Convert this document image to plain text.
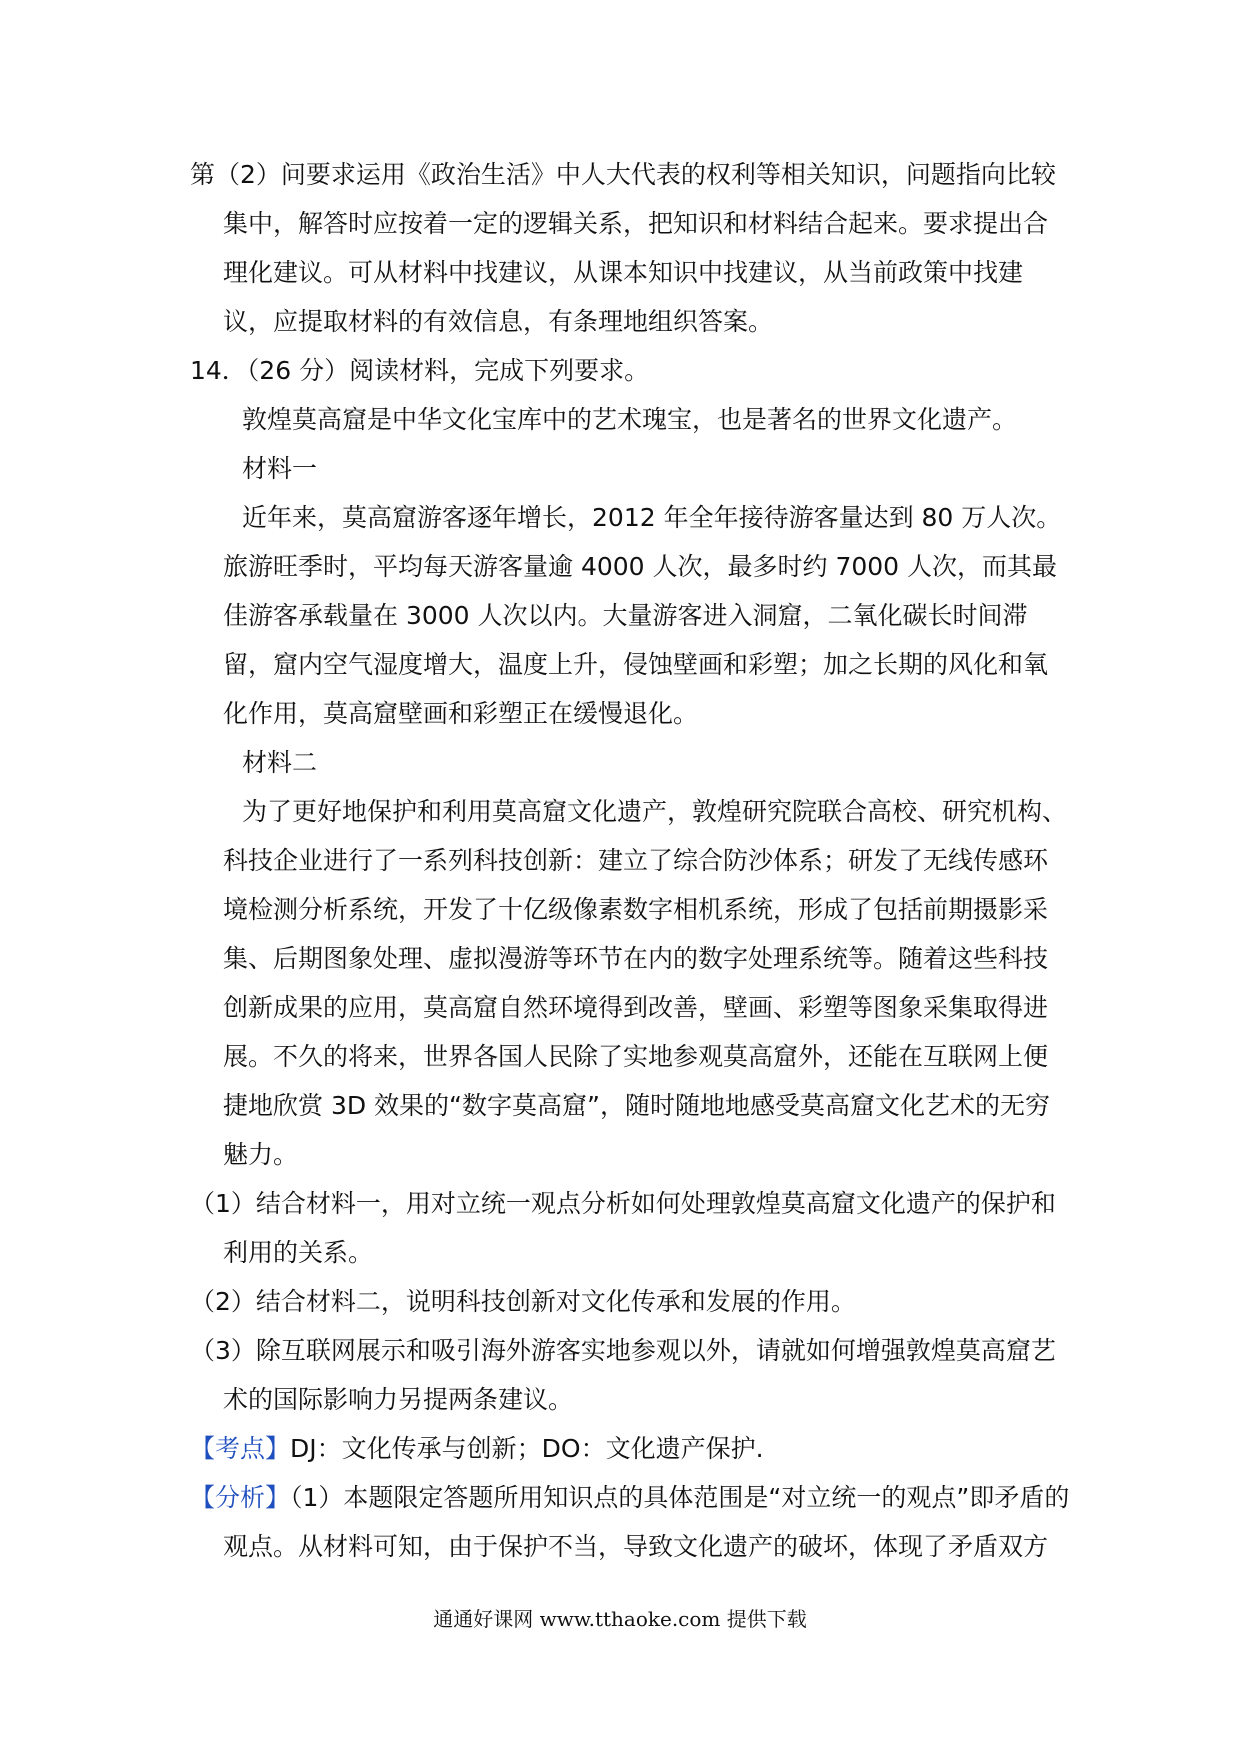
第（2）问要求运用《政治生活》中人大代表的权利等相关知识，问题指向比较集中，解答时应按着一定的逻辑关系，把知识和材料结合起来。要求提出合理化建议。可从材料中找建议，从课本知识中找建议，从当前政策中找建议，应提取材料的有效信息，有条理地组织答案。

14．（26 分）阅读材料，完成下列要求。

敦煌莫高窟是中华文化宝库中的艺术瑰宝，也是著名的世界文化遗产。

材料一

近年来，莫高窟游客逐年增长，2012 年全年接待游客量达到 80 万人次。旅游旺季时，平均每天游客量逾 4000 人次，最多时约 7000 人次，而其最佳游客承载量在 3000 人次以内。大量游客进入洞窟，二氧化碳长时间滞留，窟内空气湿度增大，温度上升，侵蚀壁画和彩塑；加之长期的风化和氧化作用，莫高窟壁画和彩塑正在缓慢退化。

材料二

为了更好地保护和利用莫高窟文化遗产，敦煌研究院联合高校、研究机构、科技企业进行了一系列科技创新：建立了综合防沙体系；研发了无线传感环境检测分析系统，开发了十亿级像素数字相机系统，形成了包括前期摄影采集、后期图象处理、虚拟漫游等环节在内的数字处理系统等。随着这些科技创新成果的应用，莫高窟自然环境得到改善，壁画、彩塑等图象采集取得进展。不久的将来，世界各国人民除了实地参观莫高窟外，还能在互联网上便捷地欣赏 3D 效果的“数字莫高窟”，随时随地地感受莫高窟文化艺术的无穷魅力。

（1）结合材料一，用对立统一观点分析如何处理敦煌莫高窟文化遗产的保护和利用的关系。

（2）结合材料二，说明科技创新对文化传承和发展的作用。

（3）除互联网展示和吸引海外游客实地参观以外，请就如何增强敦煌莫高窟艺术的国际影响力另提两条建议。

【考点】DJ：文化传承与创新；DO：文化遗产保护.

【分析】（1）本题限定答题所用知识点的具体范围是“对立统一的观点”即矛盾的观点。从材料可知，由于保护不当，导致文化遗产的破坏，体现了矛盾双方

通通好课网 www.tthaoke.com 提供下载
